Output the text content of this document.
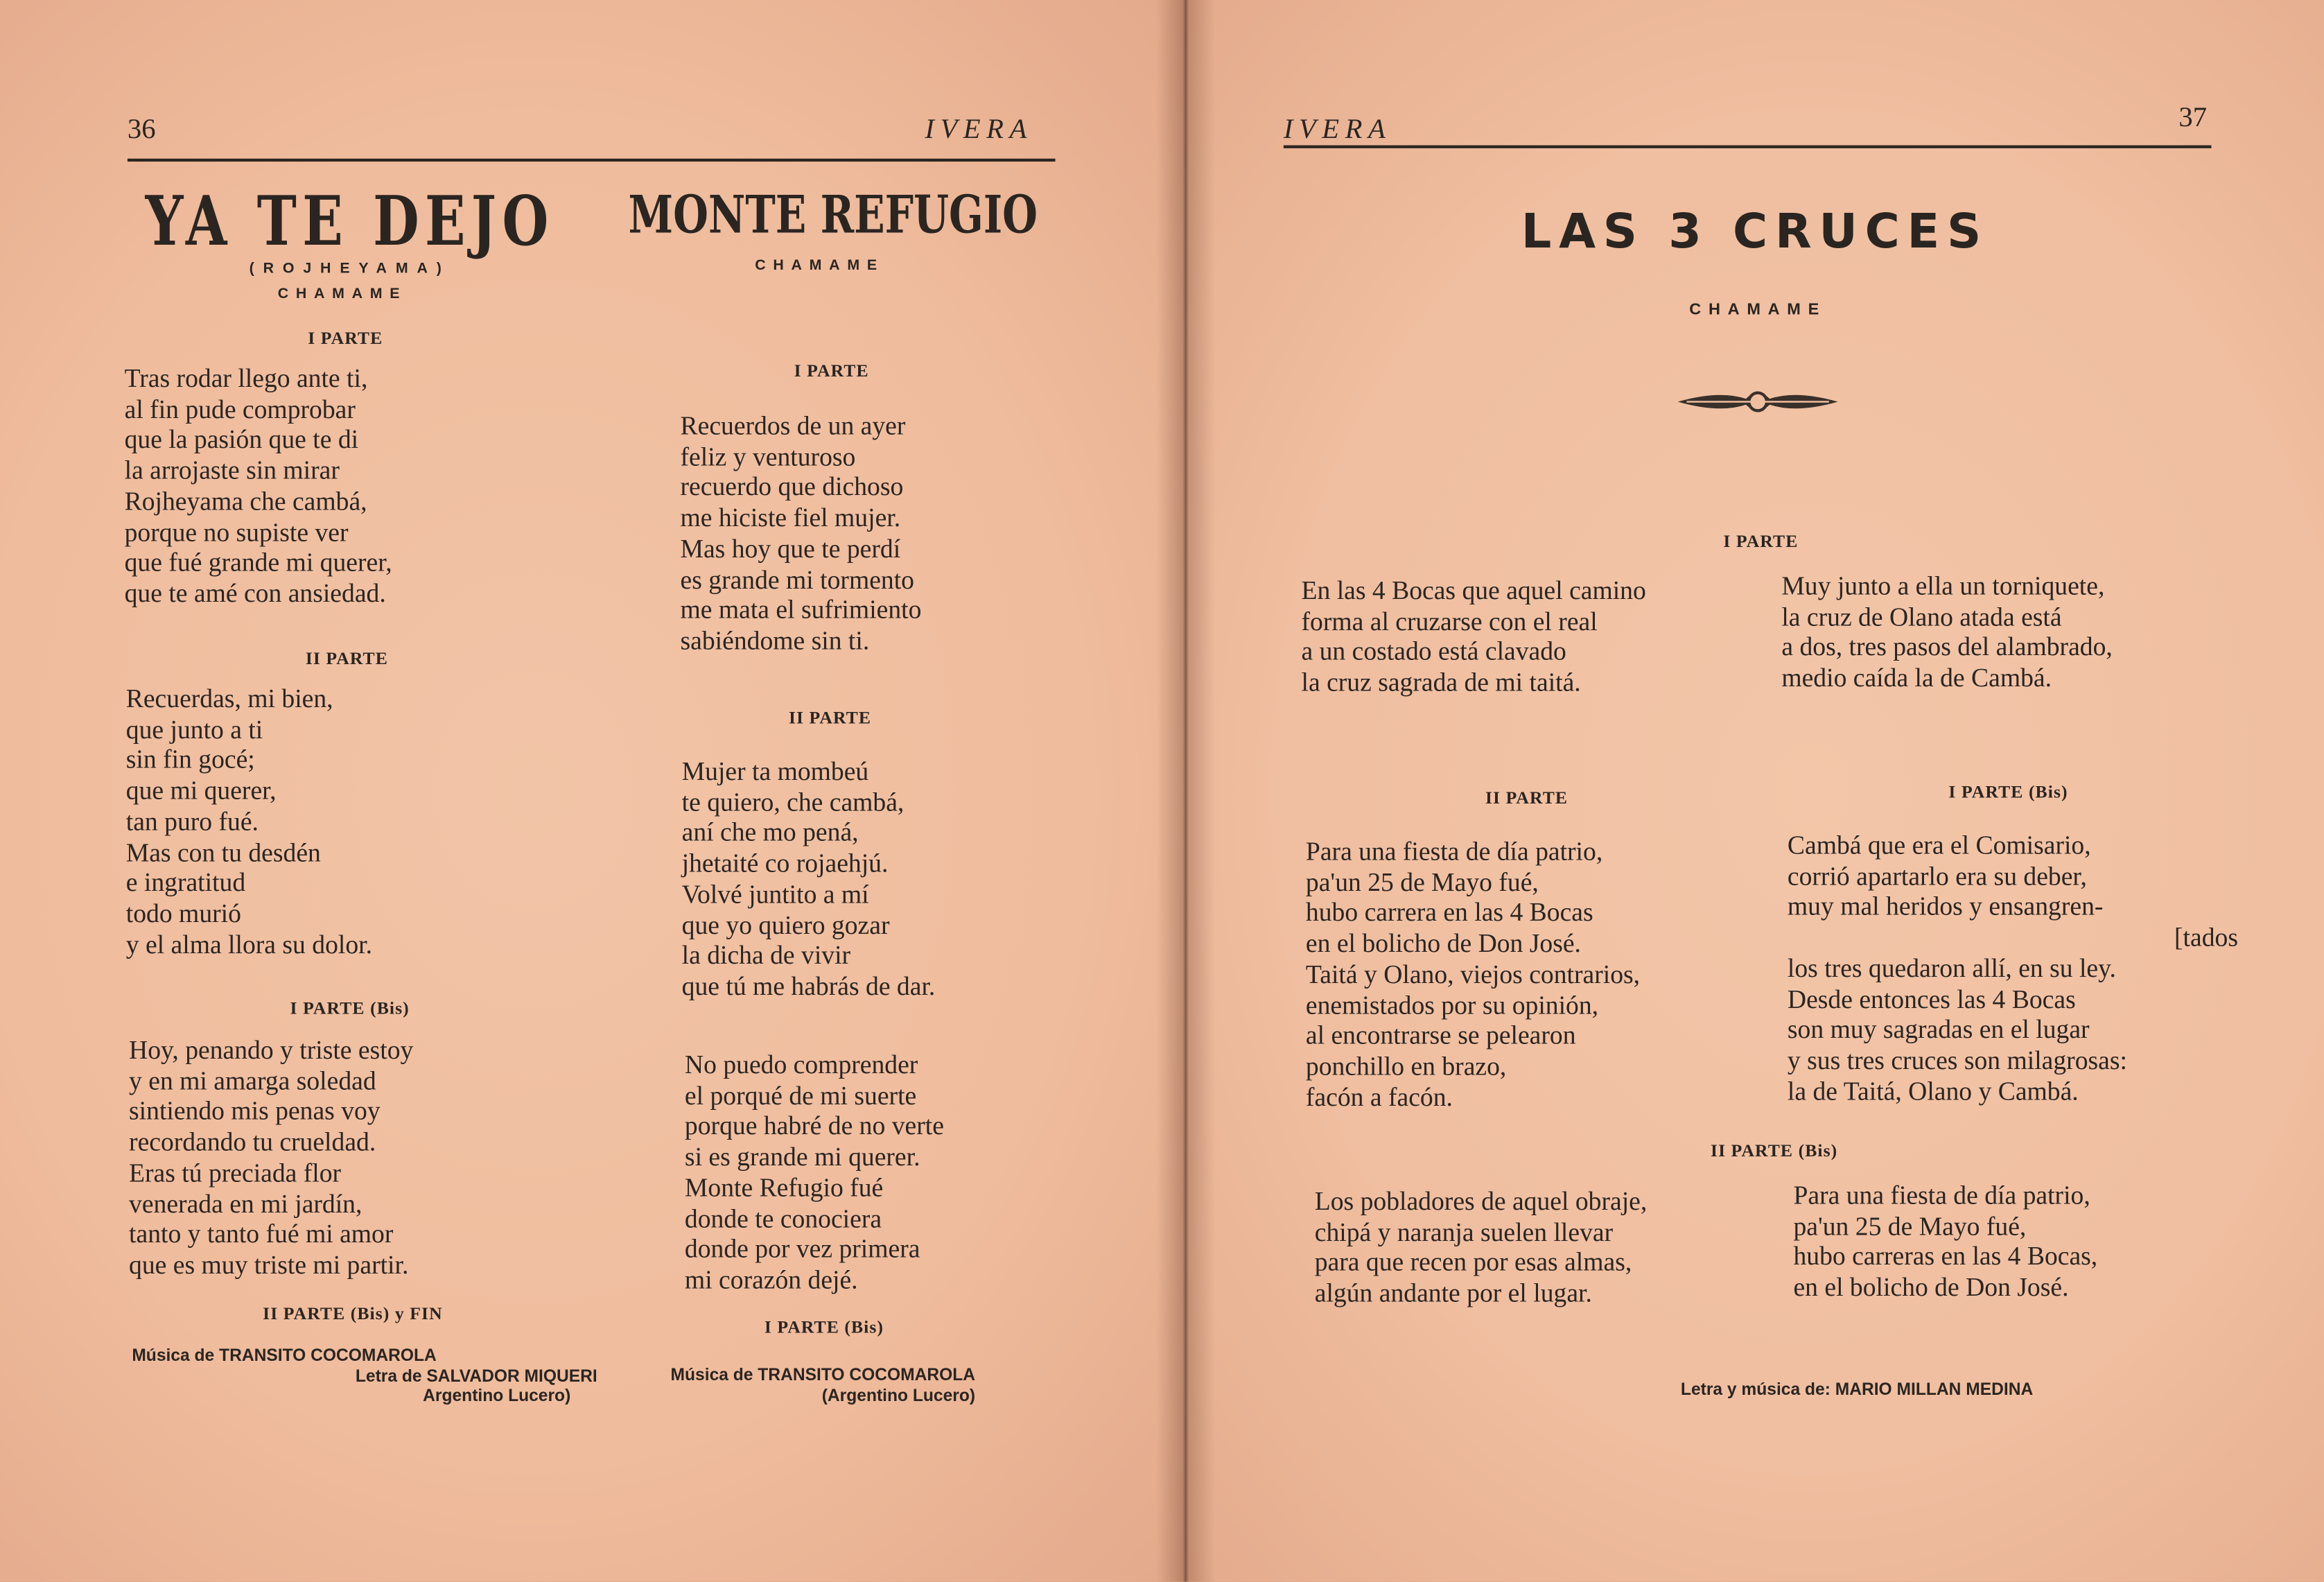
36	IVERA
YA TE DEJO
(ROJHEYAMA)
CHAMAME
I PARTE
Tras rodar llego ante ti,
al fin pude comprobar
que la pasión que te di
la arrojaste sin mirar
Rojheyama che cambá,
porque no supiste ver
que fué grande mi querer,
que te amé con ansiedad.
II PARTE
Recuerdas, mi bien,
que junto a ti
sin fin gocé;
que mi querer,
tan puro fué.
Mas con tu desdén
e ingratitud
todo murió
y el alma llora su dolor.
I PARTE (Bis)
Hoy, penando y triste estoy
y en mi amarga soledad
sintiendo mis penas voy
recordando tu crueldad.
Eras tú preciada flor
venerada en mi jardín,
tanto y tanto fué mi amor
que es muy triste mi partir.
II PARTE (Bis) y FIN
Música de TRANSITO COCOMAROLA
Letra de SALVADOR MIQUERI
Argentino Lucero)
MONTE REFUGIO
CHAMAME
I PARTE
Recuerdos de un ayer
feliz y venturoso
recuerdo que dichoso
me hiciste fiel mujer.
Mas hoy que te perdí
es grande mi tormento
me mata el sufrimiento
sabiéndome sin ti.
II PARTE
Mujer ta mombeú
te quiero, che cambá,
aní che mo pená,
jhetaité co rojaehjú.
Volvé juntito a mí
que yo quiero gozar
la dicha de vivir
que tú me habrás de dar.
No puedo comprender
el porqué de mi suerte
porque habré de no verte
si es grande mi querer.
Monte Refugio fué
donde te conociera
donde por vez primera
mi corazón dejé.
I PARTE (Bis)
Música de TRANSITO COCOMAROLA
(Argentino Lucero)
IVERA	37
LAS 3 CRUCES
CHAMAME
I PARTE
En las 4 Bocas que aquel camino
forma al cruzarse con el real
a un costado está clavado
la cruz sagrada de mi taitá.
Muy junto a ella un torniquete,
la cruz de Olano atada está
a dos, tres pasos del alambrado,
medio caída la de Cambá.
II PARTE
Para una fiesta de día patrio,
pa'un 25 de Mayo fué,
hubo carrera en las 4 Bocas
en el bolicho de Don José.
Taitá y Olano, viejos contrarios,
enemistados por su opinión,
al encontrarse se pelearon
ponchillo en brazo,
facón a facón.
I PARTE (Bis)
Cambá que era el Comisario,
corrió apartarlo era su deber,
muy mal heridos y ensangren-
[tados
los tres quedaron allí, en su ley.
Desde entonces las 4 Bocas
son muy sagradas en el lugar
y sus tres cruces son milagrosas:
la de Taitá, Olano y Cambá.
II PARTE (Bis)
Los pobladores de aquel obraje,
chipá y naranja suelen llevar
para que recen por esas almas,
algún andante por el lugar.
Para una fiesta de día patrio,
pa'un 25 de Mayo fué,
hubo carreras en las 4 Bocas,
en el bolicho de Don José.
Letra y música de: MARIO MILLAN MEDINA
